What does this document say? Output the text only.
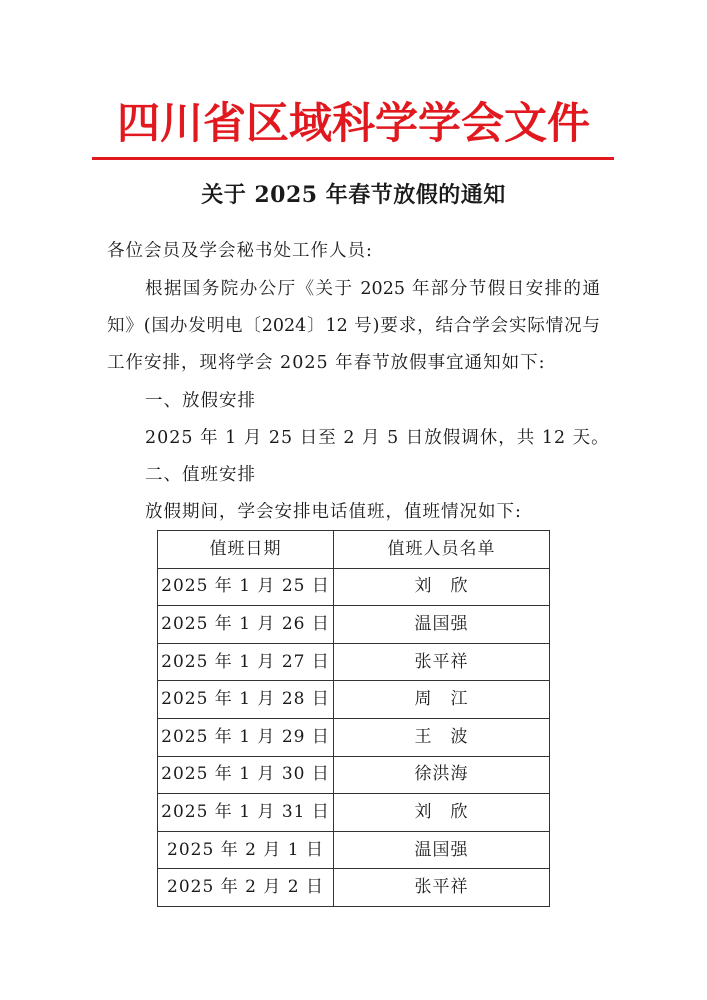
四川省区域科学学会文件
关于 2025 年春节放假的通知
各位会员及学会秘书处工作人员:
根据国务院办公厅《关于 2025 年部分节假日安排的通
知》(国办发明电〔2024〕12 号)要求，结合学会实际情况与
工作安排，现将学会 2025 年春节放假事宜通知如下:
一、放假安排
2025 年 1 月 25 日至 2 月 5 日放假调休，共 12 天。
二、值班安排
放假期间，学会安排电话值班，值班情况如下:
值班日期	值班人员名单
2025 年 1 月 25 日	刘　欣
2025 年 1 月 26 日	温国强
2025 年 1 月 27 日	张平祥
2025 年 1 月 28 日	周　江
2025 年 1 月 29 日	王　波
2025 年 1 月 30 日	徐洪海
2025 年 1 月 31 日	刘　欣
2025 年 2 月 1 日	温国强
2025 年 2 月 2 日	张平祥
